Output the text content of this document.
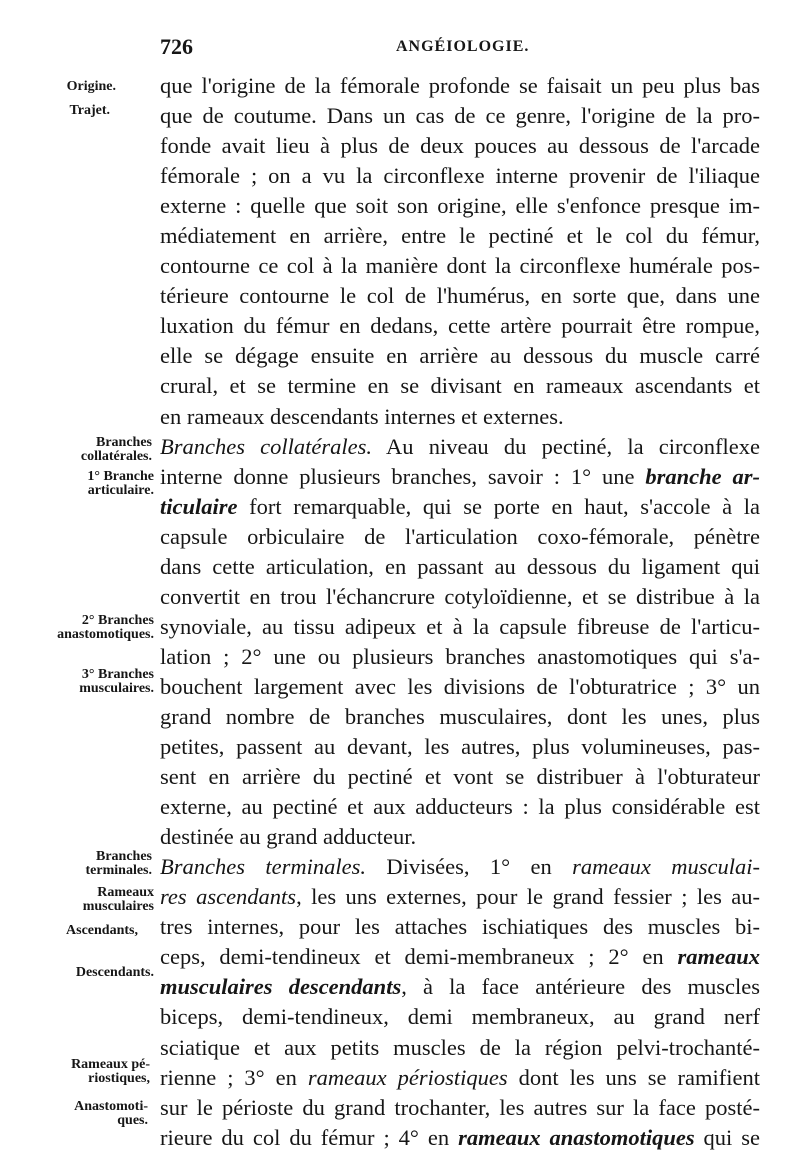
726	ANGÉIOLOGIE.
Origine.
Trajet.
Branches
collatérales.
1° Branche
articulaire.
2° Branches
anastomotiques.
3° Branches
musculaires.
Branches
terminales.
Rameaux
musculaires
Ascendants,
Descendants.
Rameaux pé-
riostiques,
Anastomoti-
ques.
que l'origine de la fémorale profonde se faisait un peu plus bas
que de coutume. Dans un cas de ce genre, l'origine de la pro-
fonde avait lieu à plus de deux pouces au dessous de l'arcade
fémorale ; on a vu la circonflexe interne provenir de l'iliaque
externe : quelle que soit son origine, elle s'enfonce presque im-
médiatement en arrière, entre le pectiné et le col du fémur,
contourne ce col à la manière dont la circonflexe humérale pos-
térieure contourne le col de l'humérus, en sorte que, dans une
luxation du fémur en dedans, cette artère pourrait être rompue,
elle se dégage ensuite en arrière au dessous du muscle carré
crural, et se termine en se divisant en rameaux ascendants et
en rameaux descendants internes et externes.
Branches collatérales. Au niveau du pectiné, la circonflexe
interne donne plusieurs branches, savoir : 1° une branche ar-
ticulaire fort remarquable, qui se porte en haut, s'accole à la
capsule orbiculaire de l'articulation coxo-fémorale, pénètre
dans cette articulation, en passant au dessous du ligament qui
convertit en trou l'échancrure cotyloïdienne, et se distribue à la
synoviale, au tissu adipeux et à la capsule fibreuse de l'articu-
lation ; 2° une ou plusieurs branches anastomotiques qui s'a-
bouchent largement avec les divisions de l'obturatrice ; 3° un
grand nombre de branches musculaires, dont les unes, plus
petites, passent au devant, les autres, plus volumineuses, pas-
sent en arrière du pectiné et vont se distribuer à l'obturateur
externe, au pectiné et aux adducteurs : la plus considérable est
destinée au grand adducteur.
Branches terminales. Divisées, 1° en rameaux musculai-
res ascendants, les uns externes, pour le grand fessier ; les au-
tres internes, pour les attaches ischiatiques des muscles bi-
ceps, demi-tendineux et demi-membraneux ; 2° en rameaux
musculaires descendants, à la face antérieure des muscles
biceps, demi-tendineux, demi membraneux, au grand nerf
sciatique et aux petits muscles de la région pelvi-trochanté-
rienne ; 3° en rameaux périostiques dont les uns se ramifient
sur le périoste du grand trochanter, les autres sur la face posté-
rieure du col du fémur ; 4° en rameaux anastomotiques qui se
